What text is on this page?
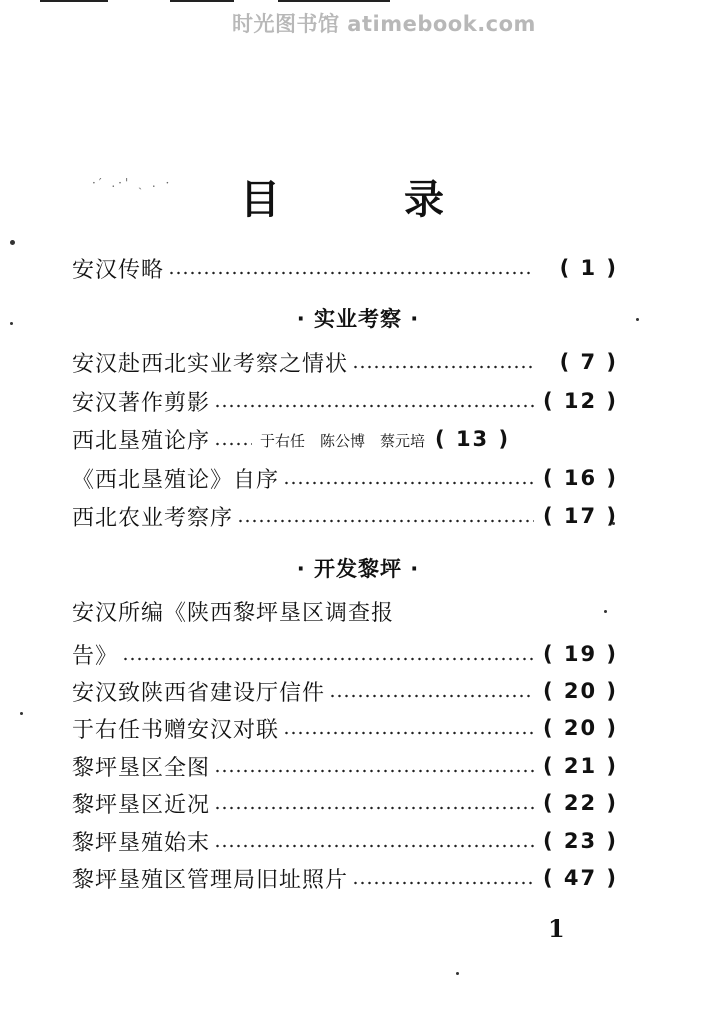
·′ .·' ˎ . ·
时光图书馆 atimebook.com
目	录
安汉传略	( 1 )
· 实业考察 ·
安汉赴西北实业考察之情状	( 7 )
安汉著作剪影	( 12 )
西北垦殖论序	于右任　陈公博　蔡元培 ( 13 )
《西北垦殖论》自序	( 16 )
西北农业考察序	( 17 )
· 开发黎坪 ·
安汉所编《陕西黎坪垦区调查报
告》	( 19 )
安汉致陕西省建设厅信件	( 20 )
于右任书赠安汉对联	( 20 )
黎坪垦区全图	( 21 )
黎坪垦区近况	( 22 )
黎坪垦殖始末	( 23 )
黎坪垦殖区管理局旧址照片	( 47 )
1
